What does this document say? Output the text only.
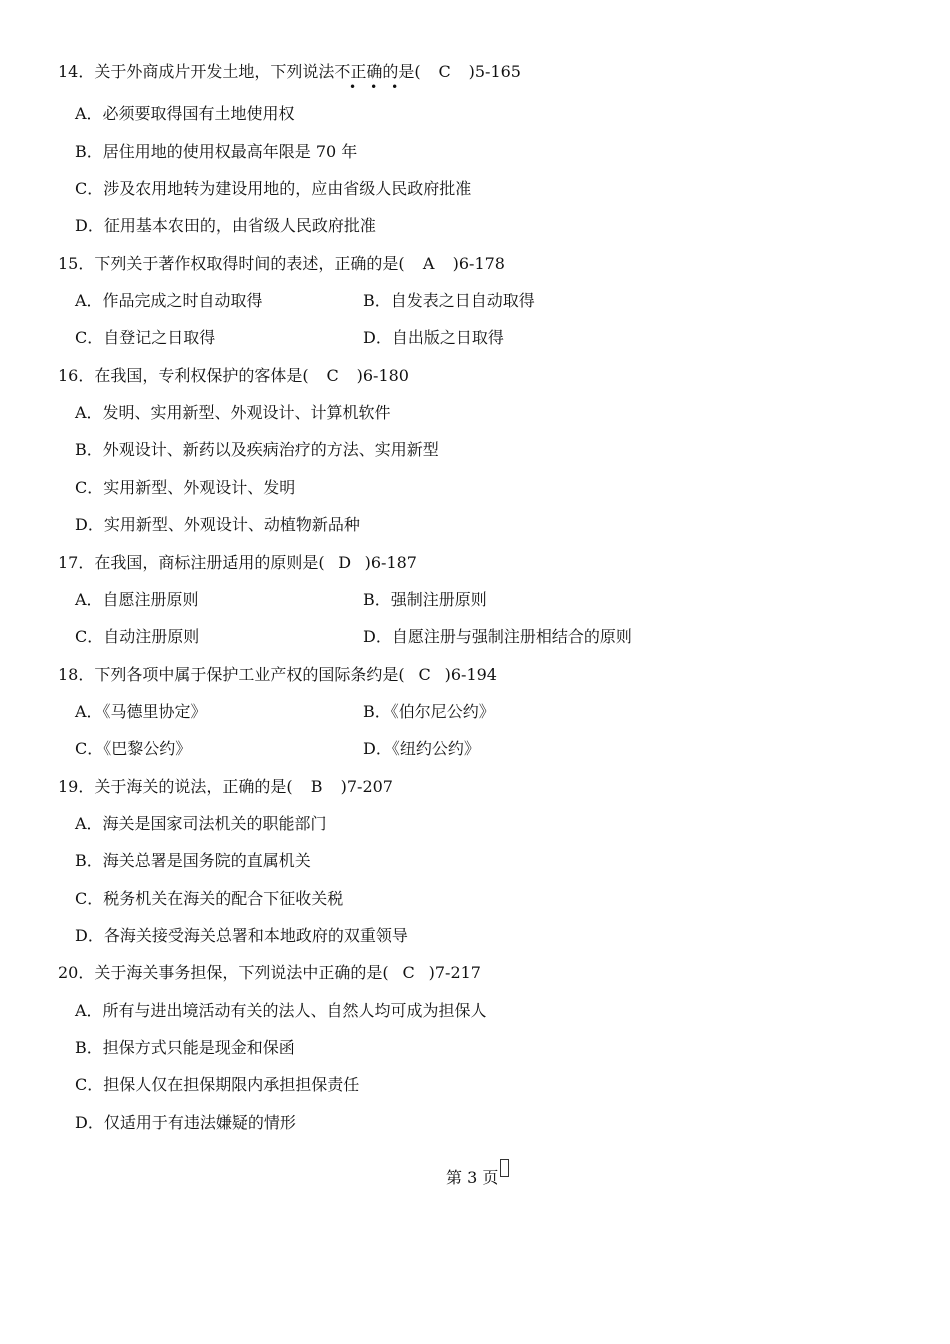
14．关于外商成片开发土地，下列说法不正确的是( C )5-165
•••
A．必须要取得国有土地使用权
B．居住用地的使用权最高年限是 70 年
C．涉及农用地转为建设用地的，应由省级人民政府批准
D．征用基本农田的，由省级人民政府批准
15．下列关于著作权取得时间的表述，正确的是( A )6-178
A．作品完成之时自动取得	B．自发表之日自动取得
C．自登记之日取得	D．自出版之日取得
16．在我国，专利权保护的客体是( C )6-180
A．发明、实用新型、外观设计、计算机软件
B．外观设计、新药以及疾病治疗的方法、实用新型
C．实用新型、外观设计、发明
D．实用新型、外观设计、动植物新品种
17．在我国，商标注册适用的原则是( D )6-187
A．自愿注册原则	B．强制注册原则
C．自动注册原则	D．自愿注册与强制注册相结合的原则
18．下列各项中属于保护工业产权的国际条约是( C )6-194
A．《马德里协定》	B．《伯尔尼公约》
C．《巴黎公约》	D．《纽约公约》
19．关于海关的说法，正确的是( B )7-207
A．海关是国家司法机关的职能部门
B．海关总署是国务院的直属机关
C．税务机关在海关的配合下征收关税
D．各海关接受海关总署和本地政府的双重领导
20．关于海关事务担保，下列说法中正确的是( C )7-217
A．所有与进出境活动有关的法人、自然人均可成为担保人
B．担保方式只能是现金和保函
C．担保人仅在担保期限内承担担保责任
D．仅适用于有违法嫌疑的情形
第 3 页
